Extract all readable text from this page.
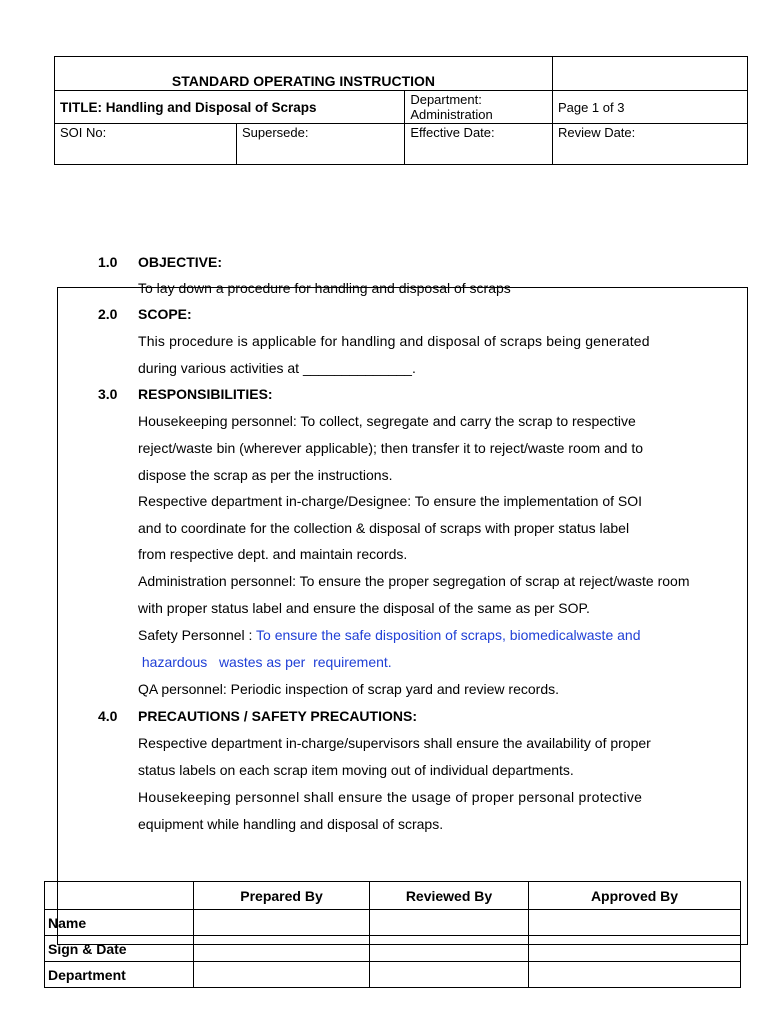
STANDARD OPERATING INSTRUCTION			
TITLE: Handling and Disposal of Scraps		Department: Administration	Page 1 of 3
SOI No:	Supersede:	Effective Date:	Review Date:
1.0 OBJECTIVE:
To lay down a procedure for handling and disposal of scraps
2.0 SCOPE:
This procedure is applicable for handling and disposal of scraps being generated
during various activities at ______________.
3.0 RESPONSIBILITIES:
Housekeeping personnel: To collect, segregate and carry the scrap to respective
reject/waste bin (wherever applicable); then transfer it to reject/waste room and to
dispose the scrap as per the instructions.
Respective department in-charge/Designee: To ensure the implementation of SOI
and to coordinate for the collection & disposal of scraps with proper status label
from respective dept. and maintain records.
Administration personnel: To ensure the proper segregation of scrap at reject/waste room
with proper status label and ensure the disposal of the same as per SOP.
Safety Personnel : To ensure the safe disposition of scraps, biomedicalwaste and
hazardous   wastes as per  requirement.
QA personnel: Periodic inspection of scrap yard and review records.
4.0 PRECAUTIONS / SAFETY PRECAUTIONS:
Respective department in-charge/supervisors shall ensure the availability of proper
status labels on each scrap item moving out of individual departments.
Housekeeping personnel shall ensure the usage of proper personal protective
equipment while handling and disposal of scraps.
	Prepared By	Reviewed By	Approved By
Name			
Sign & Date			
Department			
